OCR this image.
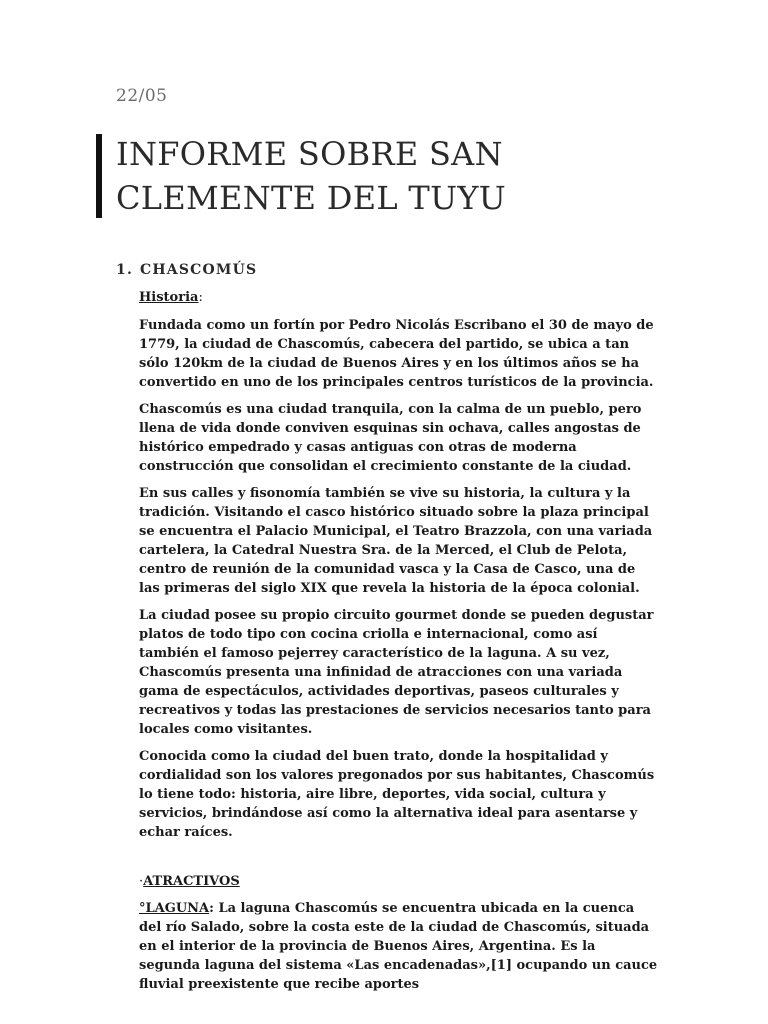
22/05
INFORME SOBRE SAN CLEMENTE DEL TUYU
1. CHASCOMÚS

Historia:

Fundada como un fortín por Pedro Nicolás Escribano el 30 de mayo de 1779, la ciudad de Chascomús, cabecera del partido, se ubica a tan sólo 120km de la ciudad de Buenos Aires y en los últimos años se ha convertido en uno de los principales centros turísticos de la provincia.

Chascomús es una ciudad tranquila, con la calma de un pueblo, pero llena de vida donde conviven esquinas sin ochava, calles angostas de histórico empedrado y casas antiguas con otras de moderna construcción que consolidan el crecimiento constante de la ciudad.

En sus calles y fisonomía también se vive su historia, la cultura y la tradición. Visitando el casco histórico situado sobre la plaza principal se encuentra el Palacio Municipal, el Teatro Brazzola, con una variada cartelera, la Catedral Nuestra Sra. de la Merced, el Club de Pelota, centro de reunión de la comunidad vasca y la Casa de Casco, una de las primeras del siglo XIX que revela la historia de la época colonial.

La ciudad posee su propio circuito gourmet donde se pueden degustar platos de todo tipo con cocina criolla e internacional, como así también el famoso pejerrey característico de la laguna. A su vez, Chascomús presenta una infinidad de atracciones con una variada gama de espectáculos, actividades deportivas, paseos culturales y recreativos y todas las prestaciones de servicios necesarios tanto para locales como visitantes.

Conocida como la ciudad del buen trato, donde la hospitalidad y cordialidad son los valores pregonados por sus habitantes, Chascomús lo tiene todo: historia, aire libre, deportes, vida social, cultura y servicios, brindándose así como la alternativa ideal para asentarse y echar raíces.

·ATRACTIVOS

°LAGUNA: La laguna Chascomús se encuentra ubicada en la cuenca del río Salado, sobre la costa este de la ciudad de Chascomús, situada en el interior de la provincia de Buenos Aires, Argentina. Es la segunda laguna del sistema «Las encadenadas»,[1] ocupando un cauce fluvial preexistente que recibe aportes
